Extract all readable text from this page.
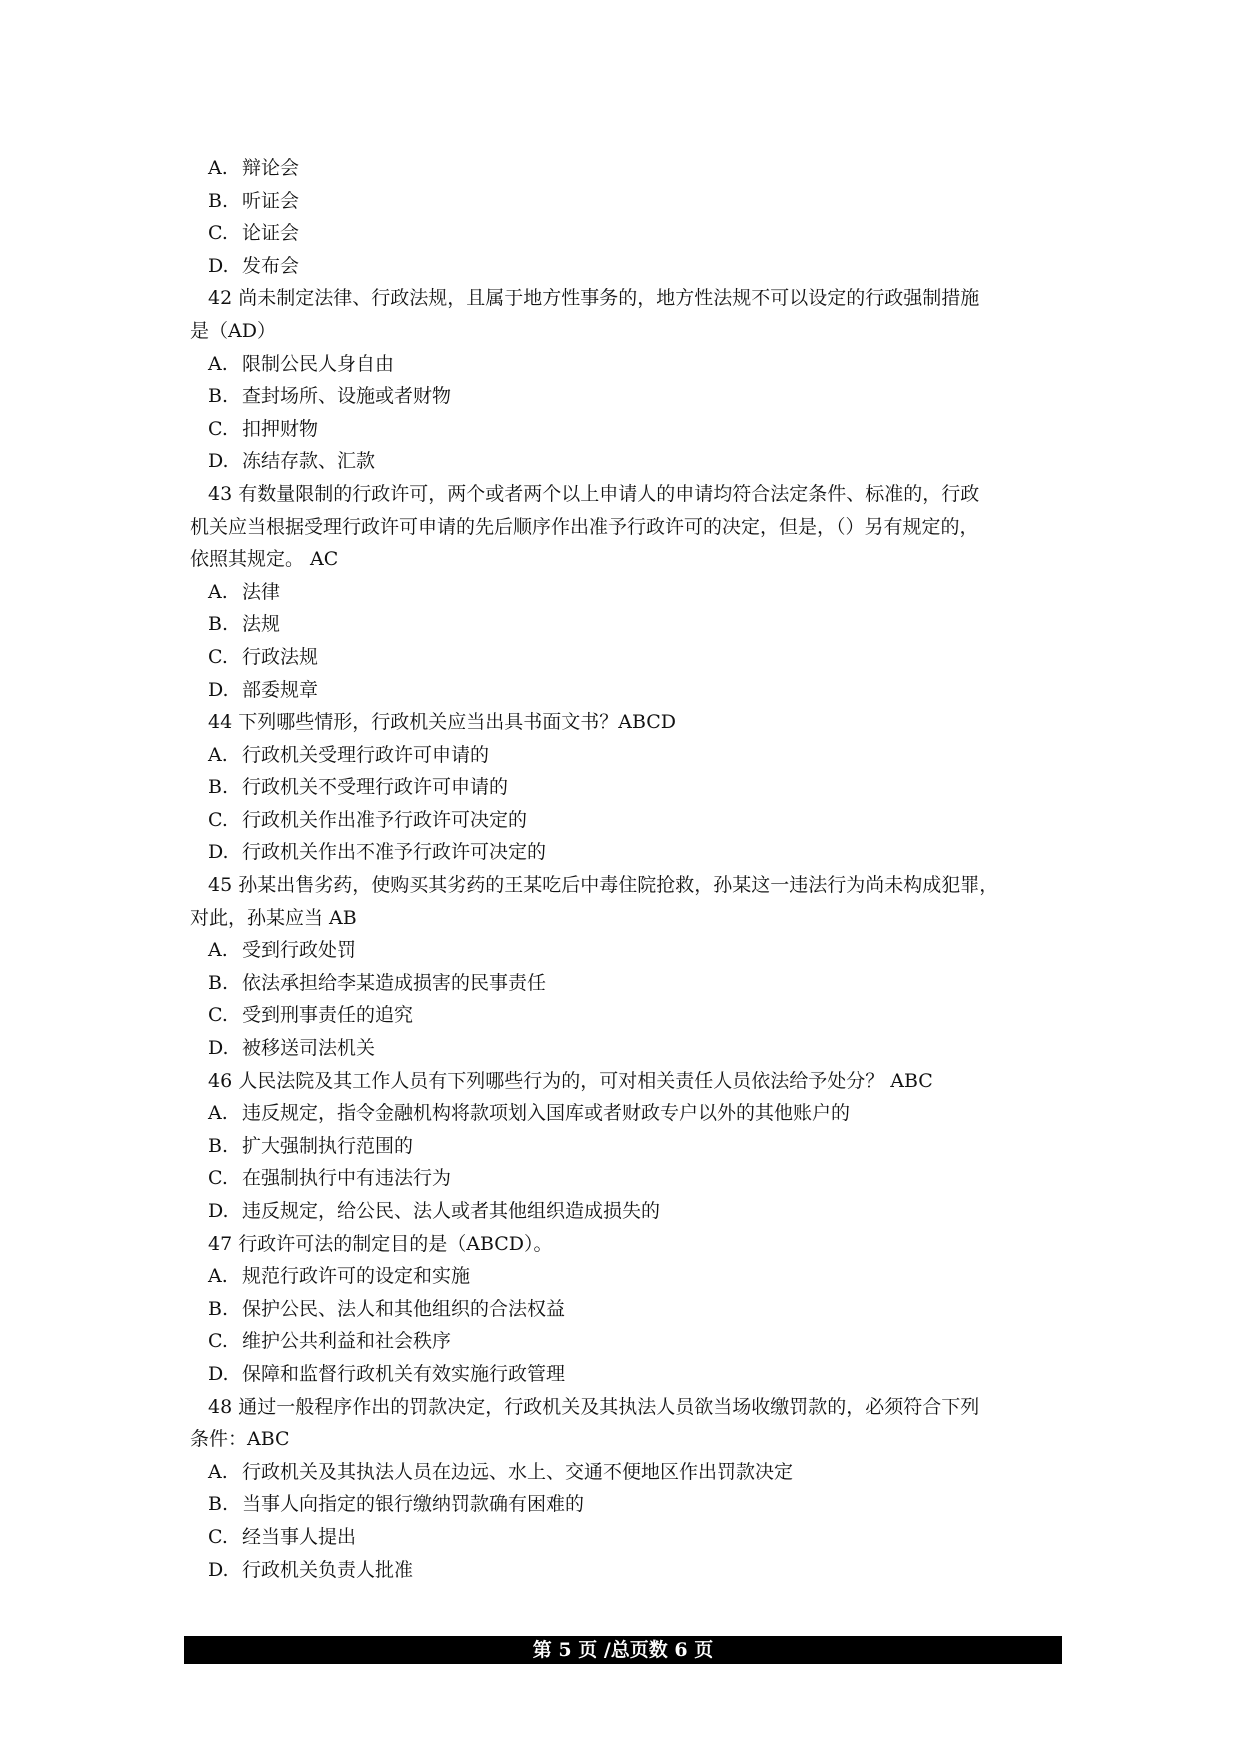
A. 辩论会
B. 听证会
C. 论证会
D. 发布会
42 尚未制定法律、行政法规，且属于地方性事务的，地方性法规不可以设定的行政强制措施
是（AD）
A. 限制公民人身自由
B. 查封场所、设施或者财物
C. 扣押财物
D. 冻结存款、汇款
43 有数量限制的行政许可，两个或者两个以上申请人的申请均符合法定条件、标准的，行政
机关应当根据受理行政许可申请的先后顺序作出准予行政许可的决定，但是，（）另有规定的，
依照其规定。 AC
A. 法律
B. 法规
C. 行政法规
D. 部委规章
44 下列哪些情形，行政机关应当出具书面文书？ABCD
A. 行政机关受理行政许可申请的
B. 行政机关不受理行政许可申请的
C. 行政机关作出准予行政许可决定的
D. 行政机关作出不准予行政许可决定的
45 孙某出售劣药，使购买其劣药的王某吃后中毒住院抢救，孙某这一违法行为尚未构成犯罪，
对此，孙某应当 AB
A. 受到行政处罚
B. 依法承担给李某造成损害的民事责任
C. 受到刑事责任的追究
D. 被移送司法机关
46 人民法院及其工作人员有下列哪些行为的，可对相关责任人员依法给予处分？ ABC
A. 违反规定，指令金融机构将款项划入国库或者财政专户以外的其他账户的
B. 扩大强制执行范围的
C. 在强制执行中有违法行为
D. 违反规定，给公民、法人或者其他组织造成损失的
47 行政许可法的制定目的是（ABCD）。
A. 规范行政许可的设定和实施
B. 保护公民、法人和其他组织的合法权益
C. 维护公共利益和社会秩序
D. 保障和监督行政机关有效实施行政管理
48 通过一般程序作出的罚款决定，行政机关及其执法人员欲当场收缴罚款的，必须符合下列
条件：ABC
A. 行政机关及其执法人员在边远、水上、交通不便地区作出罚款决定
B. 当事人向指定的银行缴纳罚款确有困难的
C. 经当事人提出
D. 行政机关负责人批准
第 5 页 /总页数 6 页
